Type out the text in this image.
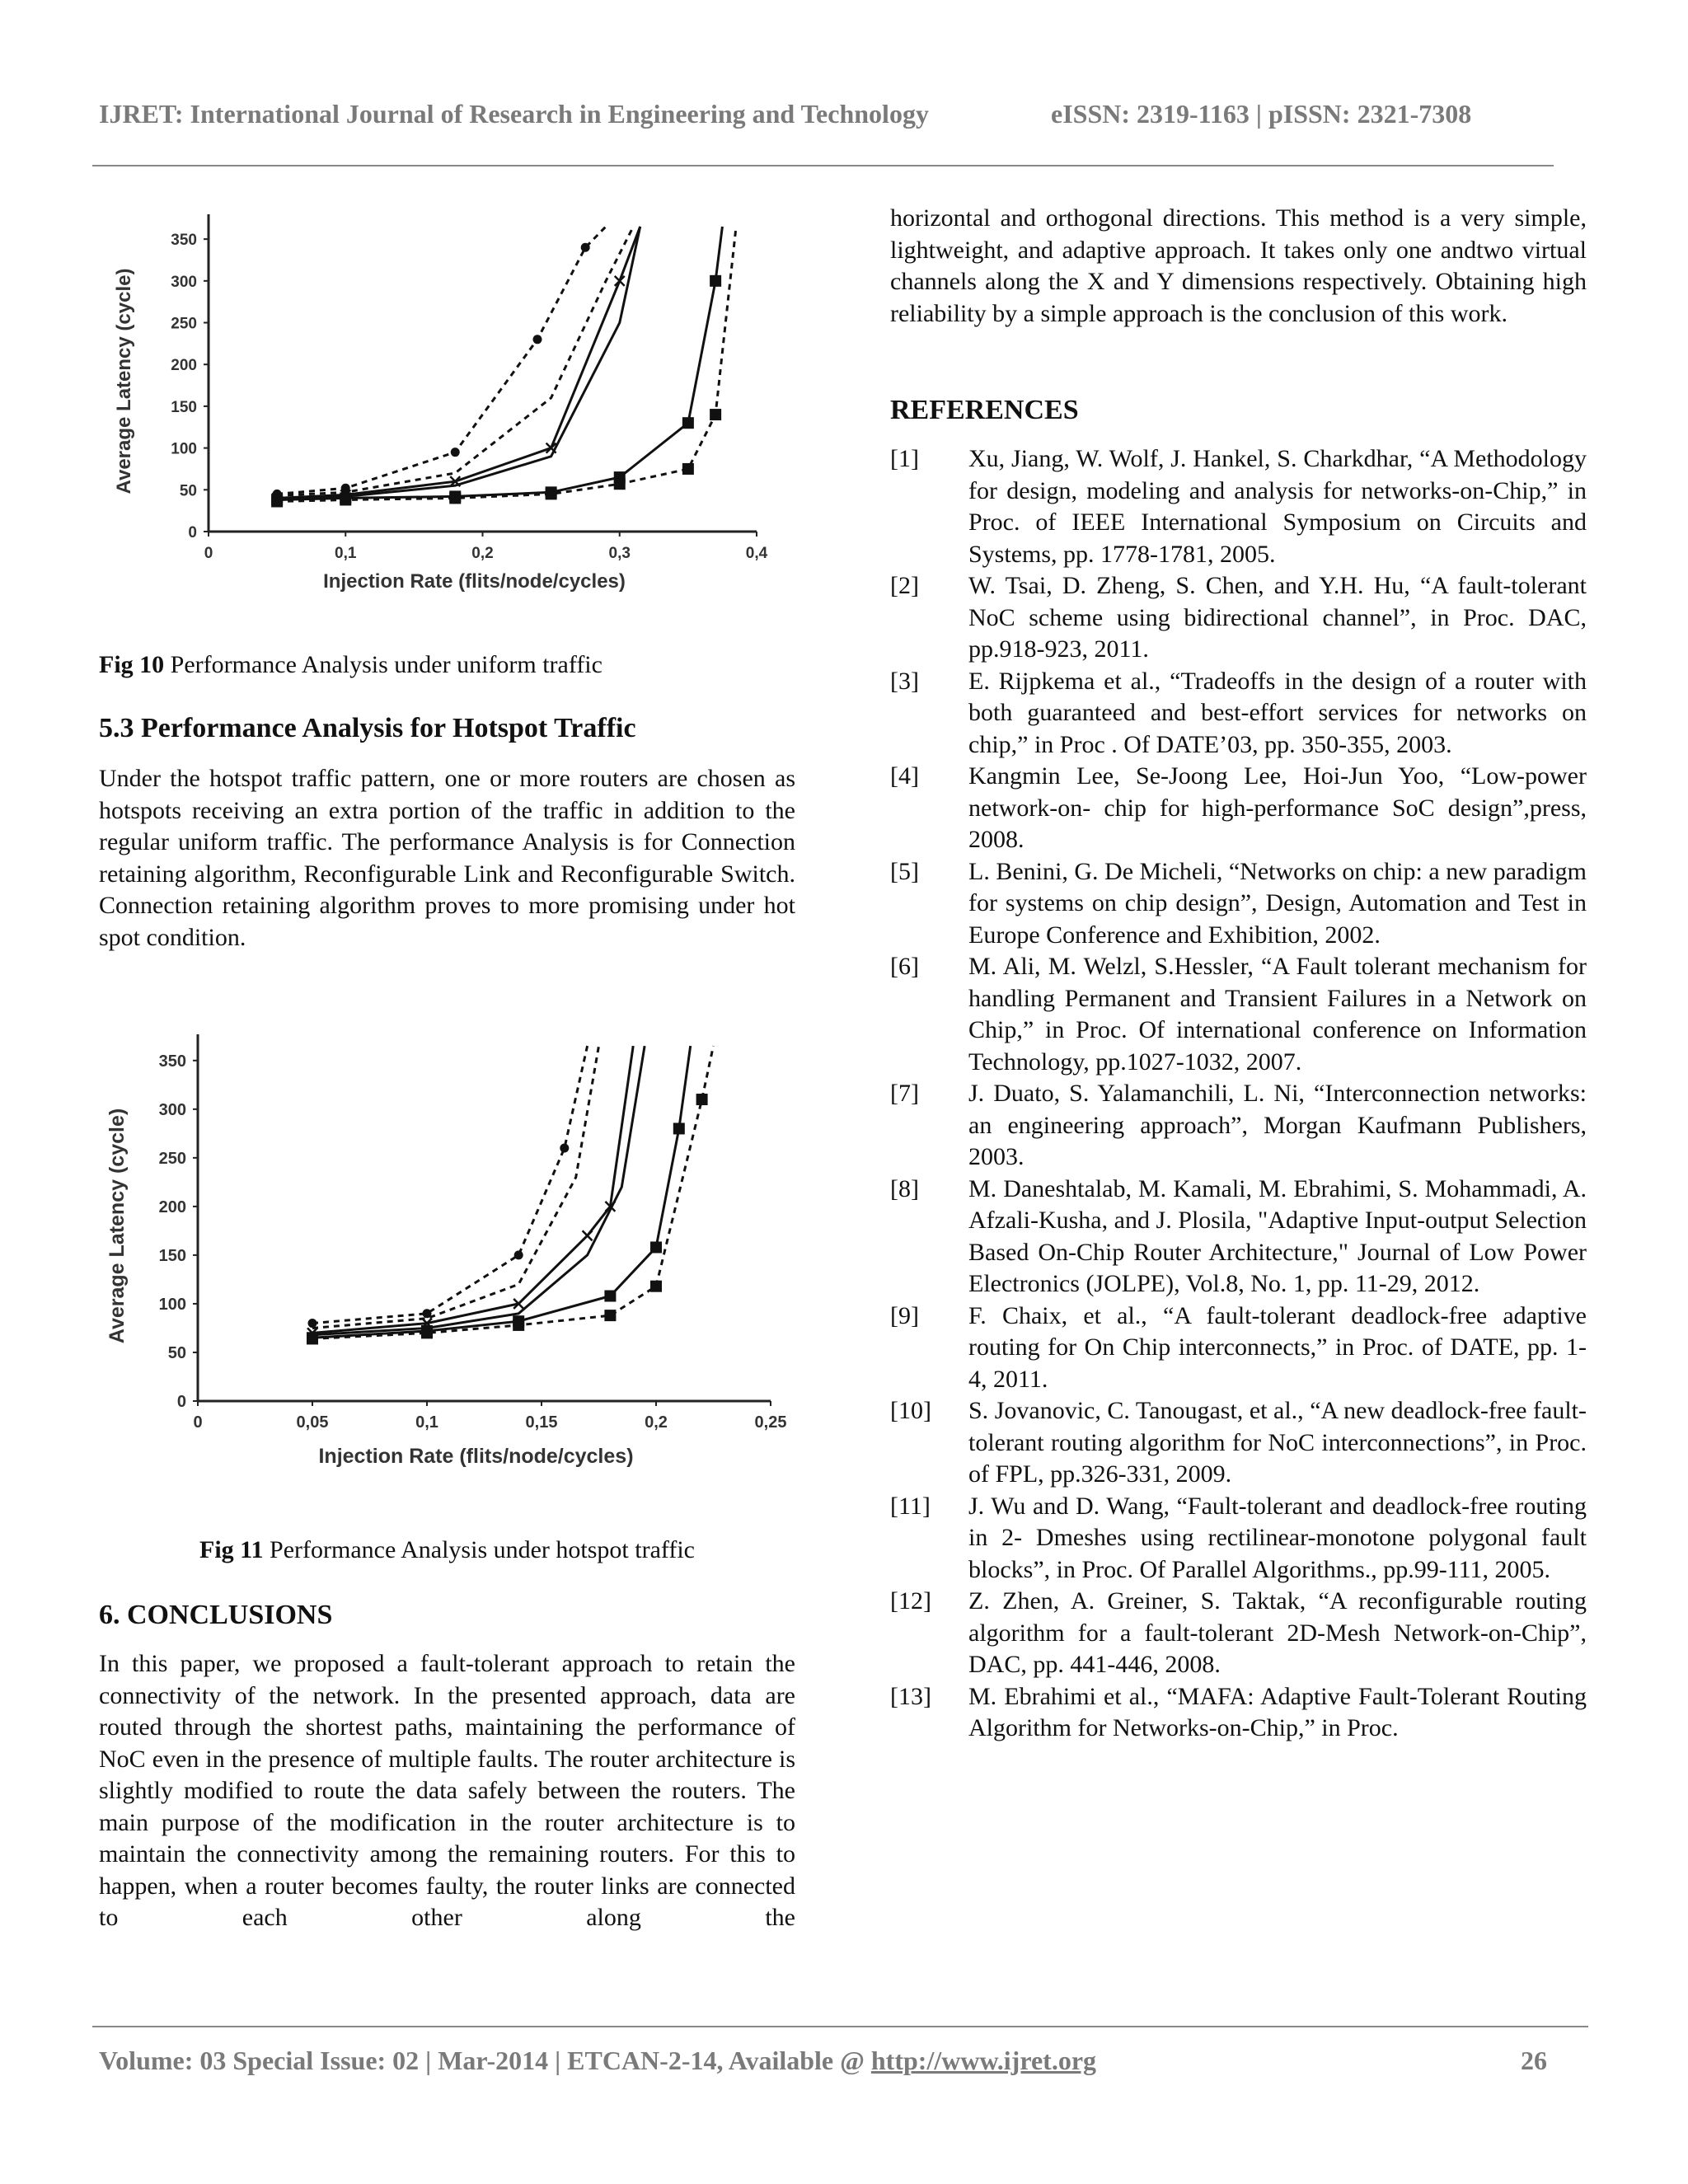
IJRET: International Journal of Research in Engineering and Technology	eISSN: 2319-1163 | pISSN: 2321-7308
0
50
100
150
200
250
300
350
0	0,1	0,2	0,3	0,4
Injection Rate (flits/node/cycles)
Average Latency (cycle)

Fig 10 Performance Analysis under uniform traffic

5.3 Performance Analysis for Hotspot Traffic

Under the hotspot traffic pattern, one or more routers are chosen as hotspots receiving an extra portion of the traffic in addition to the regular uniform traffic. The performance Analysis is for Connection retaining algorithm, Reconfigurable Link and Reconfigurable Switch. Connection retaining algorithm proves to more promising under hot spot condition.

0
50
100
150
200
250
300
350
0	0,05	0,1	0,15	0,2	0,25
Injection Rate (flits/node/cycles)
Average Latency (cycle)

Fig 11 Performance Analysis under hotspot traffic

6. CONCLUSIONS

In this paper, we proposed a fault-tolerant approach to retain the connectivity of the network. In the presented approach, data are routed through the shortest paths, maintaining the performance of NoC even in the presence of multiple faults. The router architecture is slightly modified to route the data safely between the routers. The main purpose of the modification in the router architecture is to maintain the connectivity among the remaining routers. For this to happen, when a router becomes faulty, the router links are connected to each other along the

horizontal and orthogonal directions. This method is a very simple, lightweight, and adaptive approach. It takes only one andtwo virtual channels along the X and Y dimensions respectively. Obtaining high reliability by a simple approach is the conclusion of this work.

REFERENCES
[1]	Xu, Jiang, W. Wolf, J. Hankel, S. Charkdhar, “A Methodology for design, modeling and analysis for networks-on-Chip,” in Proc. of IEEE International Symposium on Circuits and Systems, pp. 1778-1781, 2005.
[2]	W. Tsai, D. Zheng, S. Chen, and Y.H. Hu, “A fault-tolerant NoC scheme using bidirectional channel”, in Proc. DAC, pp.918-923, 2011.
[3]	E. Rijpkema et al., “Tradeoffs in the design of a router with both guaranteed and best-effort services for networks on chip,” in Proc . Of DATE’03, pp. 350-355, 2003.
[4]	Kangmin Lee, Se-Joong Lee, Hoi-Jun Yoo, “Low-power network-on- chip for high-performance SoC design”,press, 2008.
[5]	L. Benini, G. De Micheli, “Networks on chip: a new paradigm for systems on chip design”, Design, Automation and Test in Europe Conference and Exhibition, 2002.
[6]	M. Ali, M. Welzl, S.Hessler, “A Fault tolerant mechanism for handling Permanent and Transient Failures in a Network on Chip,” in Proc. Of international conference on Information Technology, pp.1027-1032, 2007.
[7]	J. Duato, S. Yalamanchili, L. Ni, “Interconnection networks: an engineering approach”, Morgan Kaufmann Publishers, 2003.
[8]	M. Daneshtalab, M. Kamali, M. Ebrahimi, S. Mohammadi, A. Afzali-Kusha, and J. Plosila, "Adaptive Input-output Selection Based On-Chip Router Architecture," Journal of Low Power Electronics (JOLPE), Vol.8, No. 1, pp. 11-29, 2012.
[9]	F. Chaix, et al., “A fault-tolerant deadlock-free adaptive routing for On Chip interconnects,” in Proc. of DATE, pp. 1-4, 2011.
[10]	S. Jovanovic, C. Tanougast, et al., “A new deadlock-free fault- tolerant routing algorithm for NoC interconnections”, in Proc. of FPL, pp.326-331, 2009.
[11]	J. Wu and D. Wang, “Fault-tolerant and deadlock-free routing in 2- Dmeshes using rectilinear-monotone polygonal fault blocks”, in Proc. Of Parallel Algorithms., pp.99-111, 2005.
[12]	Z. Zhen, A. Greiner, S. Taktak, “A reconfigurable routing algorithm for a fault-tolerant 2D-Mesh Network-on-Chip”, DAC, pp. 441-446, 2008.
[13]	M. Ebrahimi et al., “MAFA: Adaptive Fault-Tolerant Routing Algorithm for Networks-on-Chip,” in Proc.
Volume: 03 Special Issue: 02 | Mar-2014 | ETCAN-2-14, Available @ http://www.ijret.org	26
